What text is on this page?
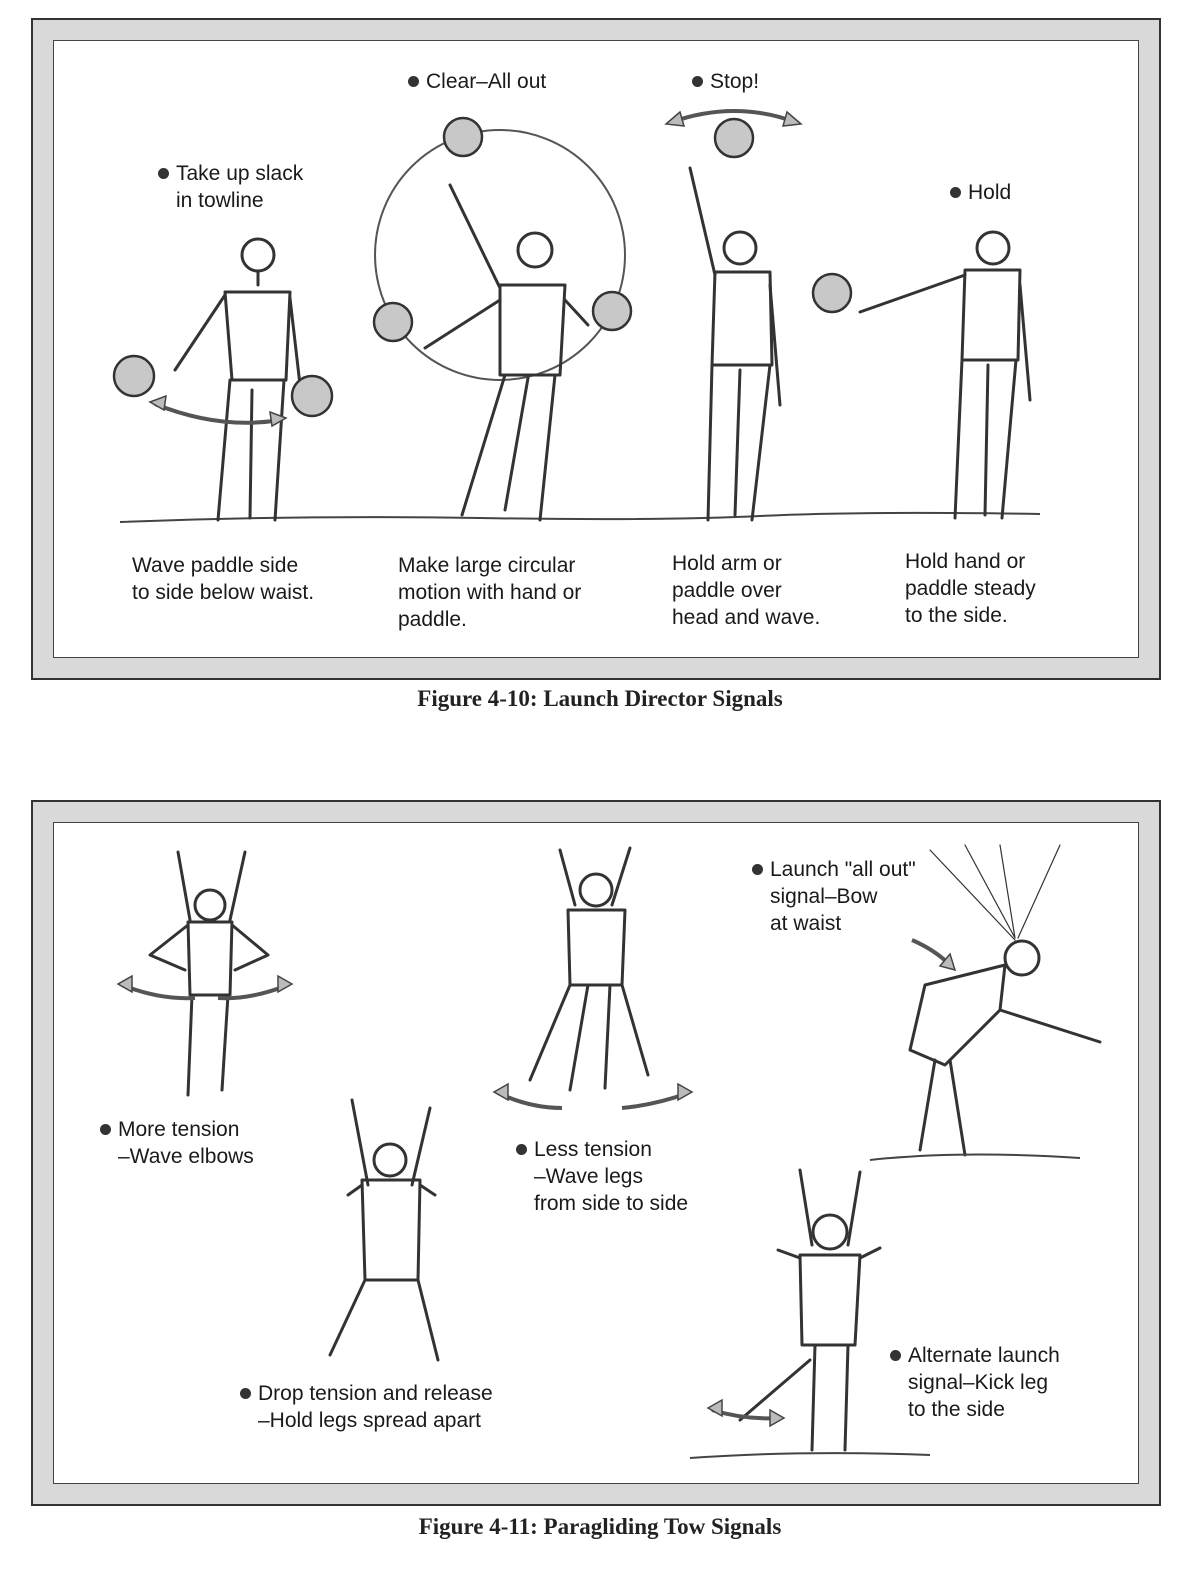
Take up slack
in towline
Clear–All out	Stop!
Hold
Wave paddle side
to side below waist.
Make large circular
motion with hand or
paddle.
Hold arm or
paddle over
head and wave.
Hold hand or
paddle steady
to the side.
Figure 4-10: Launch Director Signals
More tension
–Wave elbows
Drop tension and release
–Hold legs spread apart
Less tension
–Wave legs
from side to side
Launch "all out"
signal–Bow
at waist
Alternate launch
signal–Kick leg
to the side
Figure 4-11: Paragliding Tow Signals
